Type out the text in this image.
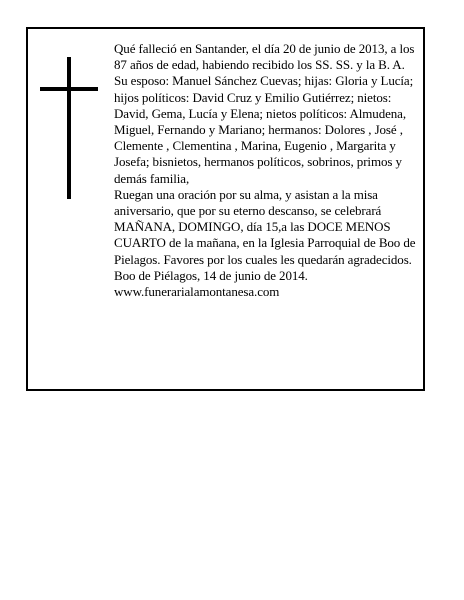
Qué falleció en Santander, el día 20 de junio de 2013, a los 87 años de edad, habiendo recibido los SS. SS. y la B. A.

Su esposo: Manuel Sánchez Cuevas; hijas: Gloria y Lucía; hijos políticos: David Cruz y Emilio Gutiérrez; nietos: David, Gema, Lucía y Elena; nietos políticos: Almudena, Miguel, Fernando y Mariano; hermanos: Dolores , José , Clemente , Clementina , Marina, Eugenio , Margarita y Josefa; bisnietos, hermanos políticos, sobrinos, primos y demás familia,

Ruegan una oración por su alma, y asistan a la misa aniversario, que por su eterno descanso, se celebrará MAÑANA, DOMINGO, día 15,a las DOCE MENOS CUARTO de la mañana, en la Iglesia Parroquial de Boo de Pielagos. Favores por los cuales les quedarán agradecidos.

Boo de Piélagos, 14 de junio de 2014.

www.funerarialamontanesa.com
